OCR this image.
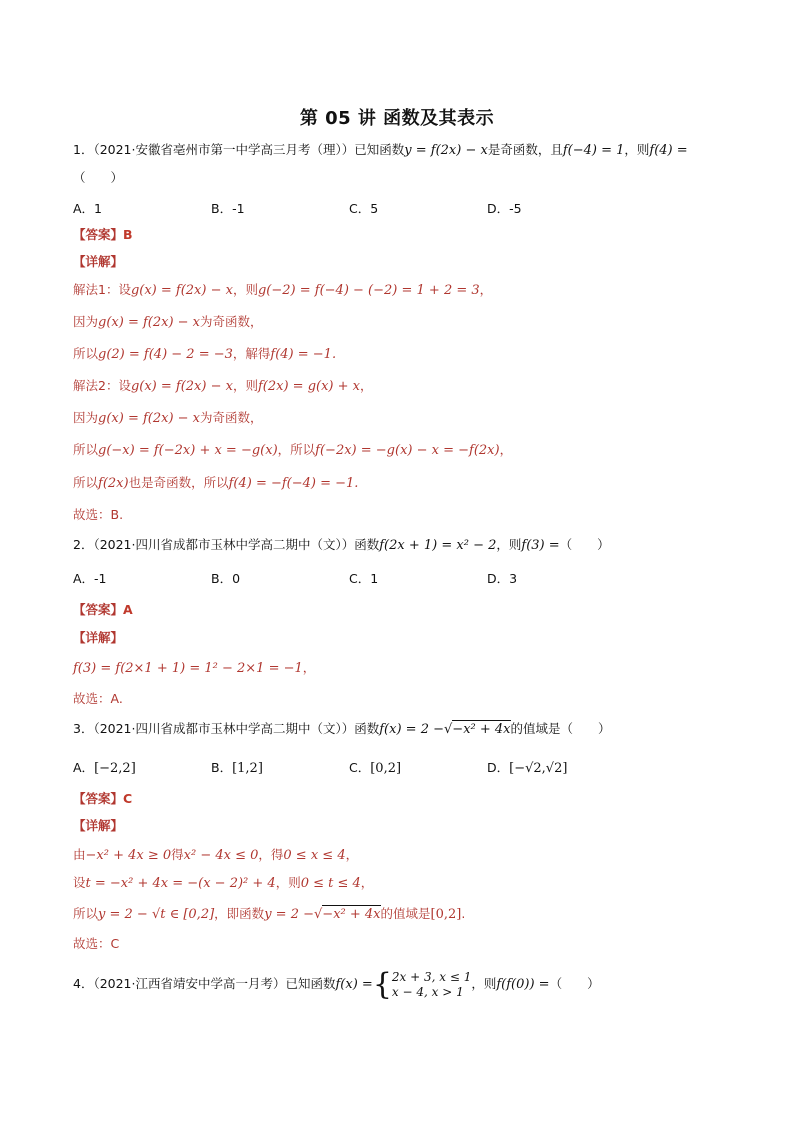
第 05 讲 函数及其表示
1．（2021·安徽省亳州市第一中学高三月考（理））已知函数y = f(2x) − x是奇函数，且f(−4) = 1，则f(4) =
（　　）
A．1	B．-1	C．5	D．-5
【答案】B
【详解】
解法1：设g(x) = f(2x) − x，则g(−2) = f(−4) − (−2) = 1 + 2 = 3，
因为g(x) = f(2x) − x为奇函数，
所以g(2) = f(4) − 2 = −3，解得f(4) = −1.
解法2：设g(x) = f(2x) − x，则f(2x) = g(x) + x，
因为g(x) = f(2x) − x为奇函数，
所以g(−x) = f(−2x) + x = −g(x)，所以f(−2x) = −g(x) − x = −f(2x)，
所以f(2x)也是奇函数，所以f(4) = −f(−4) = −1.
故选：B.
2．（2021·四川省成都市玉林中学高二期中（文））函数f(2x + 1) = x² − 2，则f(3) =（　　）
A．-1	B．0	C．1	D．3
【答案】A
【详解】
f(3) = f(2×1 + 1) = 1² − 2×1 = −1，
故选：A.
3．（2021·四川省成都市玉林中学高二期中（文））函数f(x) = 2 −√−x² + 4x的值域是（　　）
A．[−2,2]	B．[1,2]	C．[0,2]	D．[−√2,√2]
【答案】C
【详解】
由−x² + 4x ≥ 0得x² − 4x ≤ 0，得0 ≤ x ≤ 4，
设t = −x² + 4x = −(x − 2)² + 4，则0 ≤ t ≤ 4，
所以y = 2 − √t ∈ [0,2]，即函数y = 2 −√−x² + 4x的值域是[0,2].
故选：C
4．（2021·江西省靖安中学高一月考）已知函数f(x) ={2x + 3, x ≤ 1
x − 4, x > 1，则f(f(0)) =（　　）
